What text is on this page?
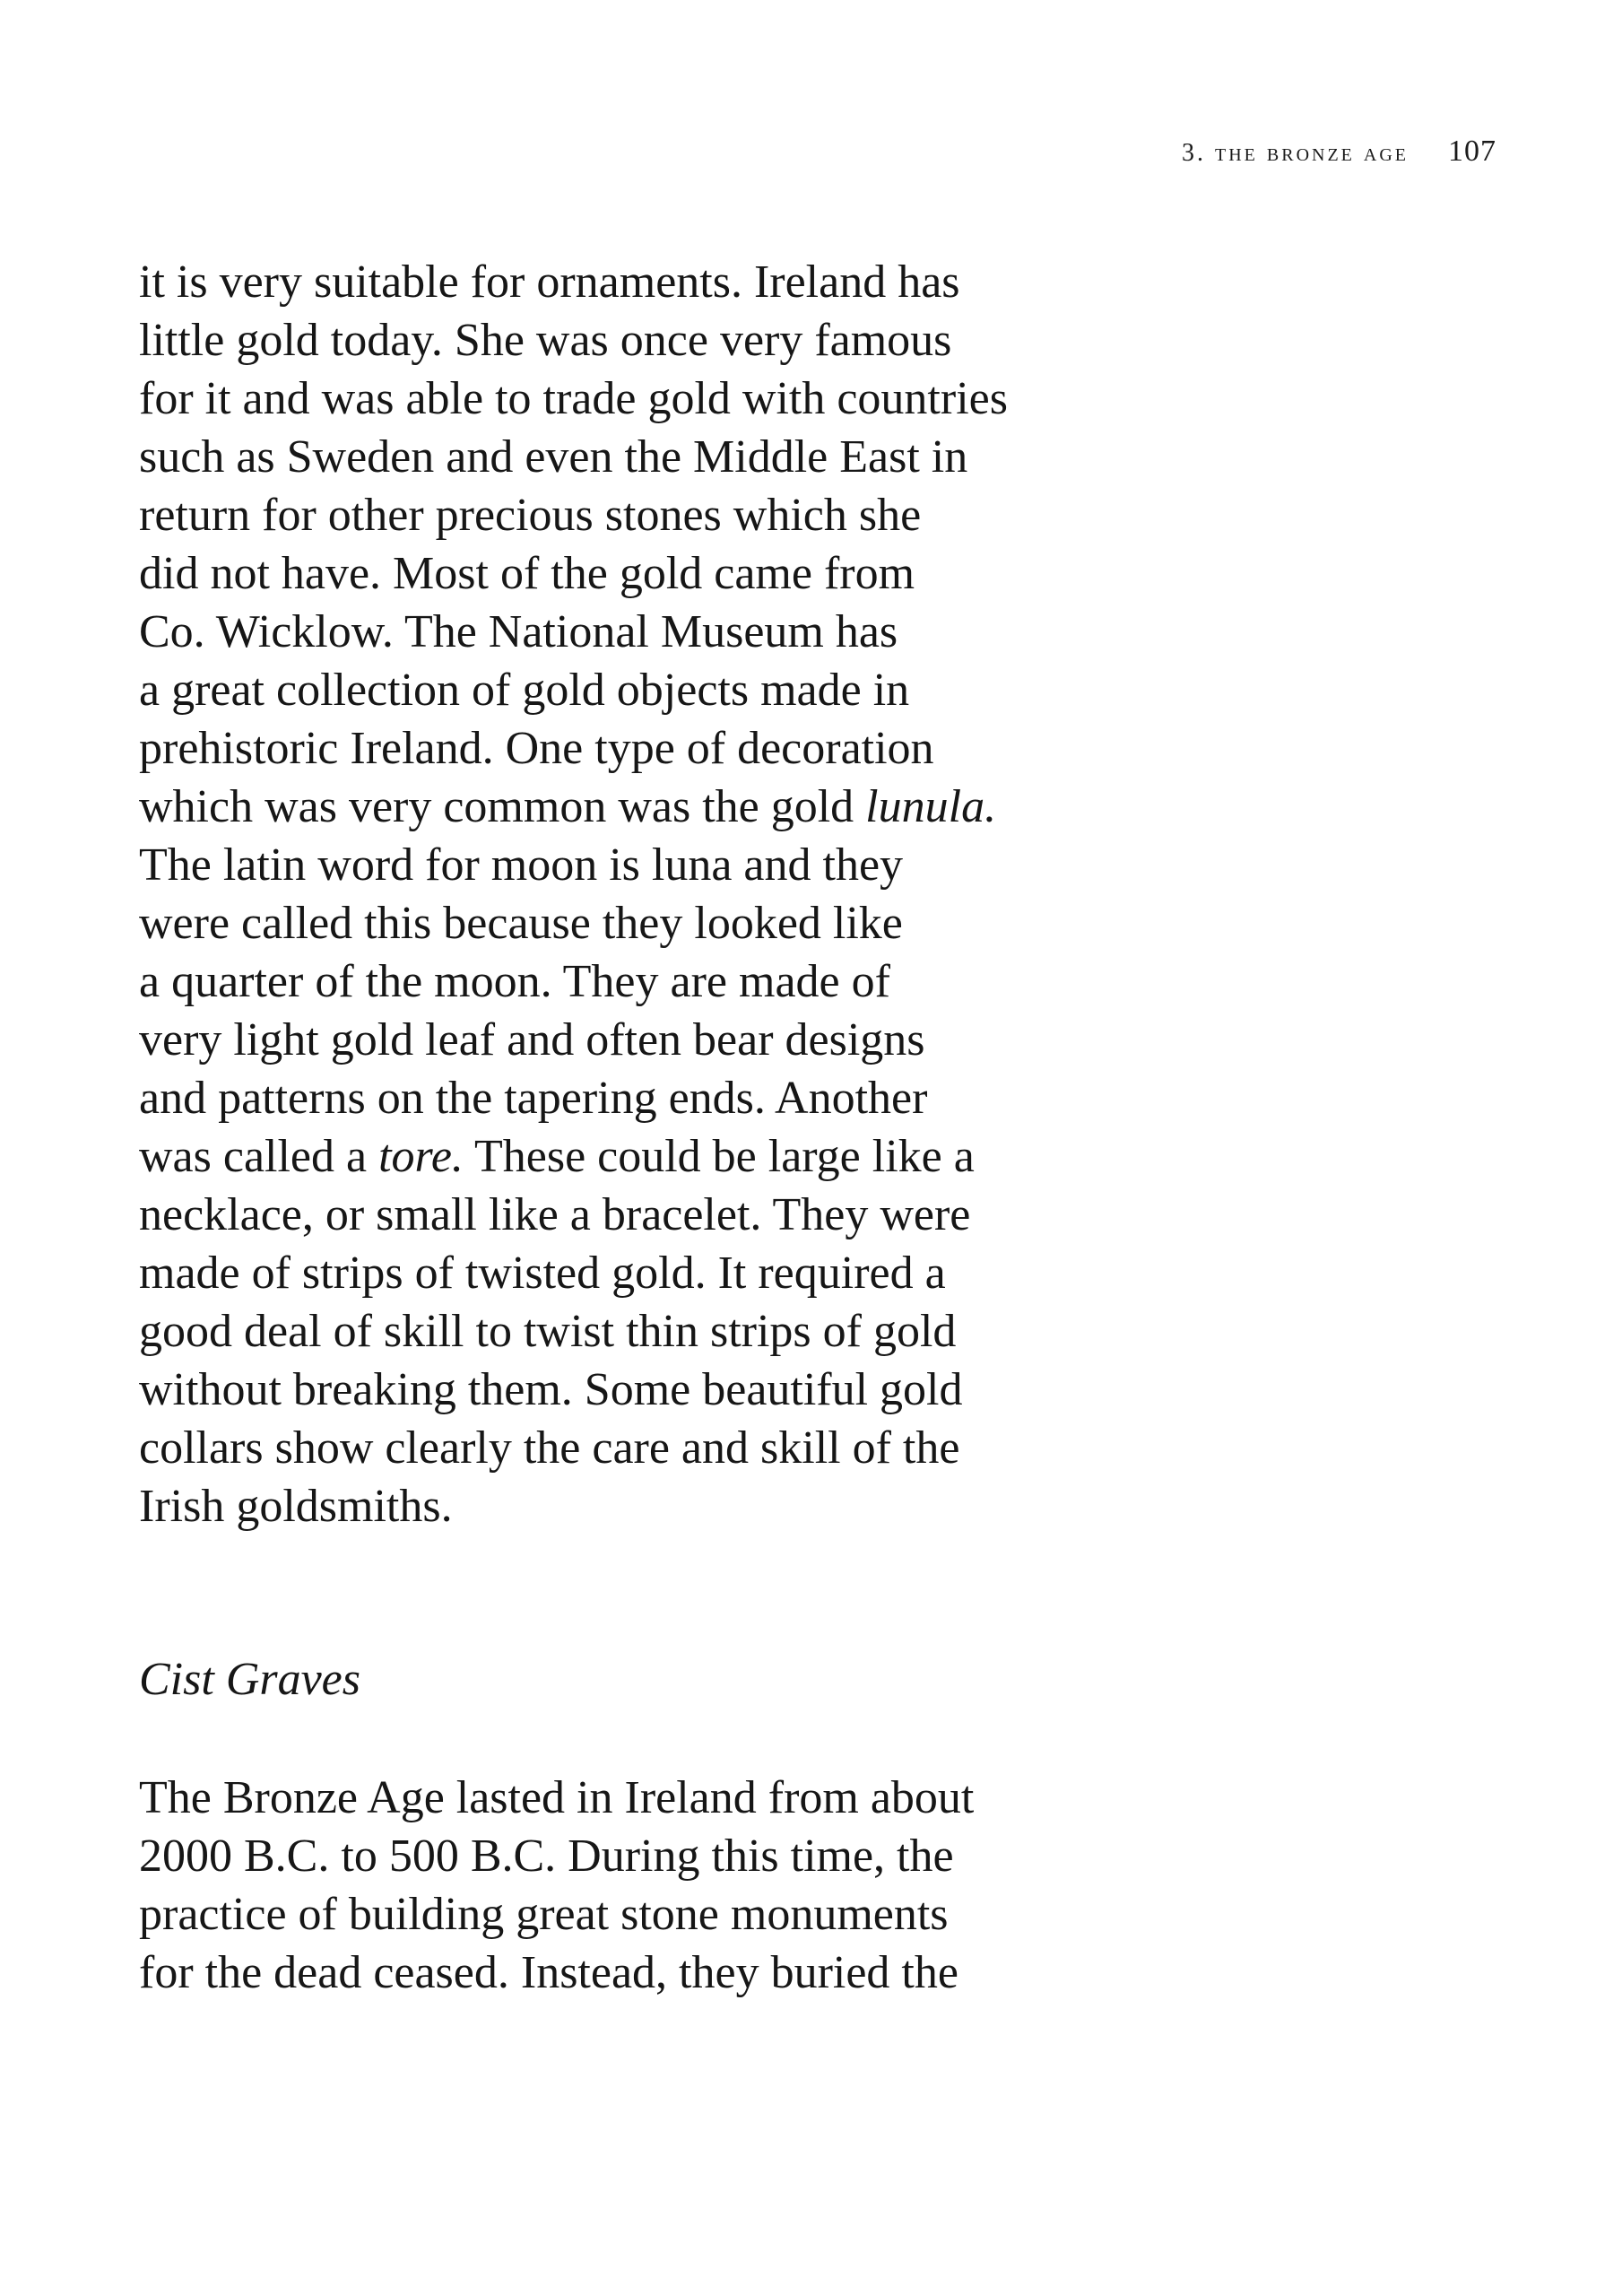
3. the bronze age 107
it is very suitable for ornaments. Ireland has
little gold today. She was once very famous
for it and was able to trade gold with countries
such as Sweden and even the Middle East in
return for other precious stones which she
did not have. Most of the gold came from
Co. Wicklow. The National Museum has
a great collection of gold objects made in
prehistoric Ireland. One type of decoration
which was very common was the gold lunula.
The latin word for moon is luna and they
were called this because they looked like
a quarter of the moon. They are made of
very light gold leaf and often bear designs
and patterns on the tapering ends. Another
was called a tore. These could be large like a
necklace, or small like a bracelet. They were
made of strips of twisted gold. It required a
good deal of skill to twist thin strips of gold
without breaking them. Some beautiful gold
collars show clearly the care and skill of the
Irish goldsmiths.
Cist Graves
The Bronze Age lasted in Ireland from about
2000 B.C. to 500 B.C. During this time, the
practice of building great stone monuments
for the dead ceased. Instead, they buried the
